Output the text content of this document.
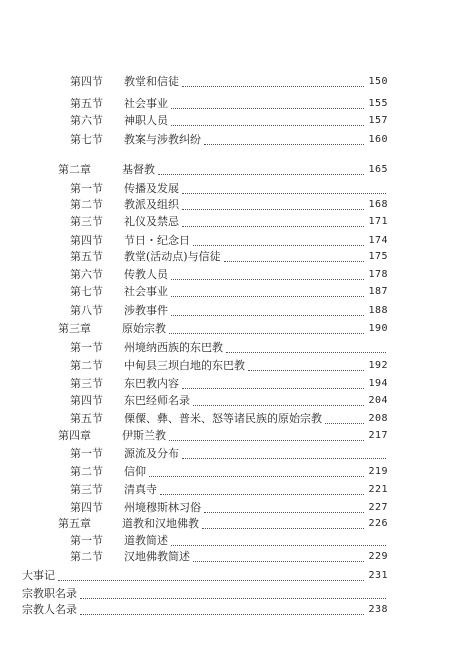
第四节 教堂和信徒	150
第五节 社会事业	155
第六节 神职人员	157
第七节 教案与涉教纠纷	160
第二章	基督教	165
第一节 传播及发展
第二节 教派及组织	168
第三节 礼仪及禁忌	171
第四节 节日・纪念日	174
第五节 教堂(活动点)与信徒	175
第六节 传教人员	178
第七节 社会事业	187
第八节 涉教事件	188
第三章	原始宗教	190
第一节 州境纳西族的东巴教
第二节 中甸县三坝白地的东巴教	192
第三节 东巴教内容	194
第四节 东巴经师名录	204
第五节 傈僳、彝、普米、怒等诸民族的原始宗教	208
第四章	伊斯兰教	217
第一节 源流及分布
第二节 信仰	219
第三节 清真寺	221
第四节 州境穆斯林习俗	227
第五章	道教和汉地佛教	226
第一节 道教简述
第二节 汉地佛教简述	229
大事记	231
宗教职名录
宗教人名录	238
